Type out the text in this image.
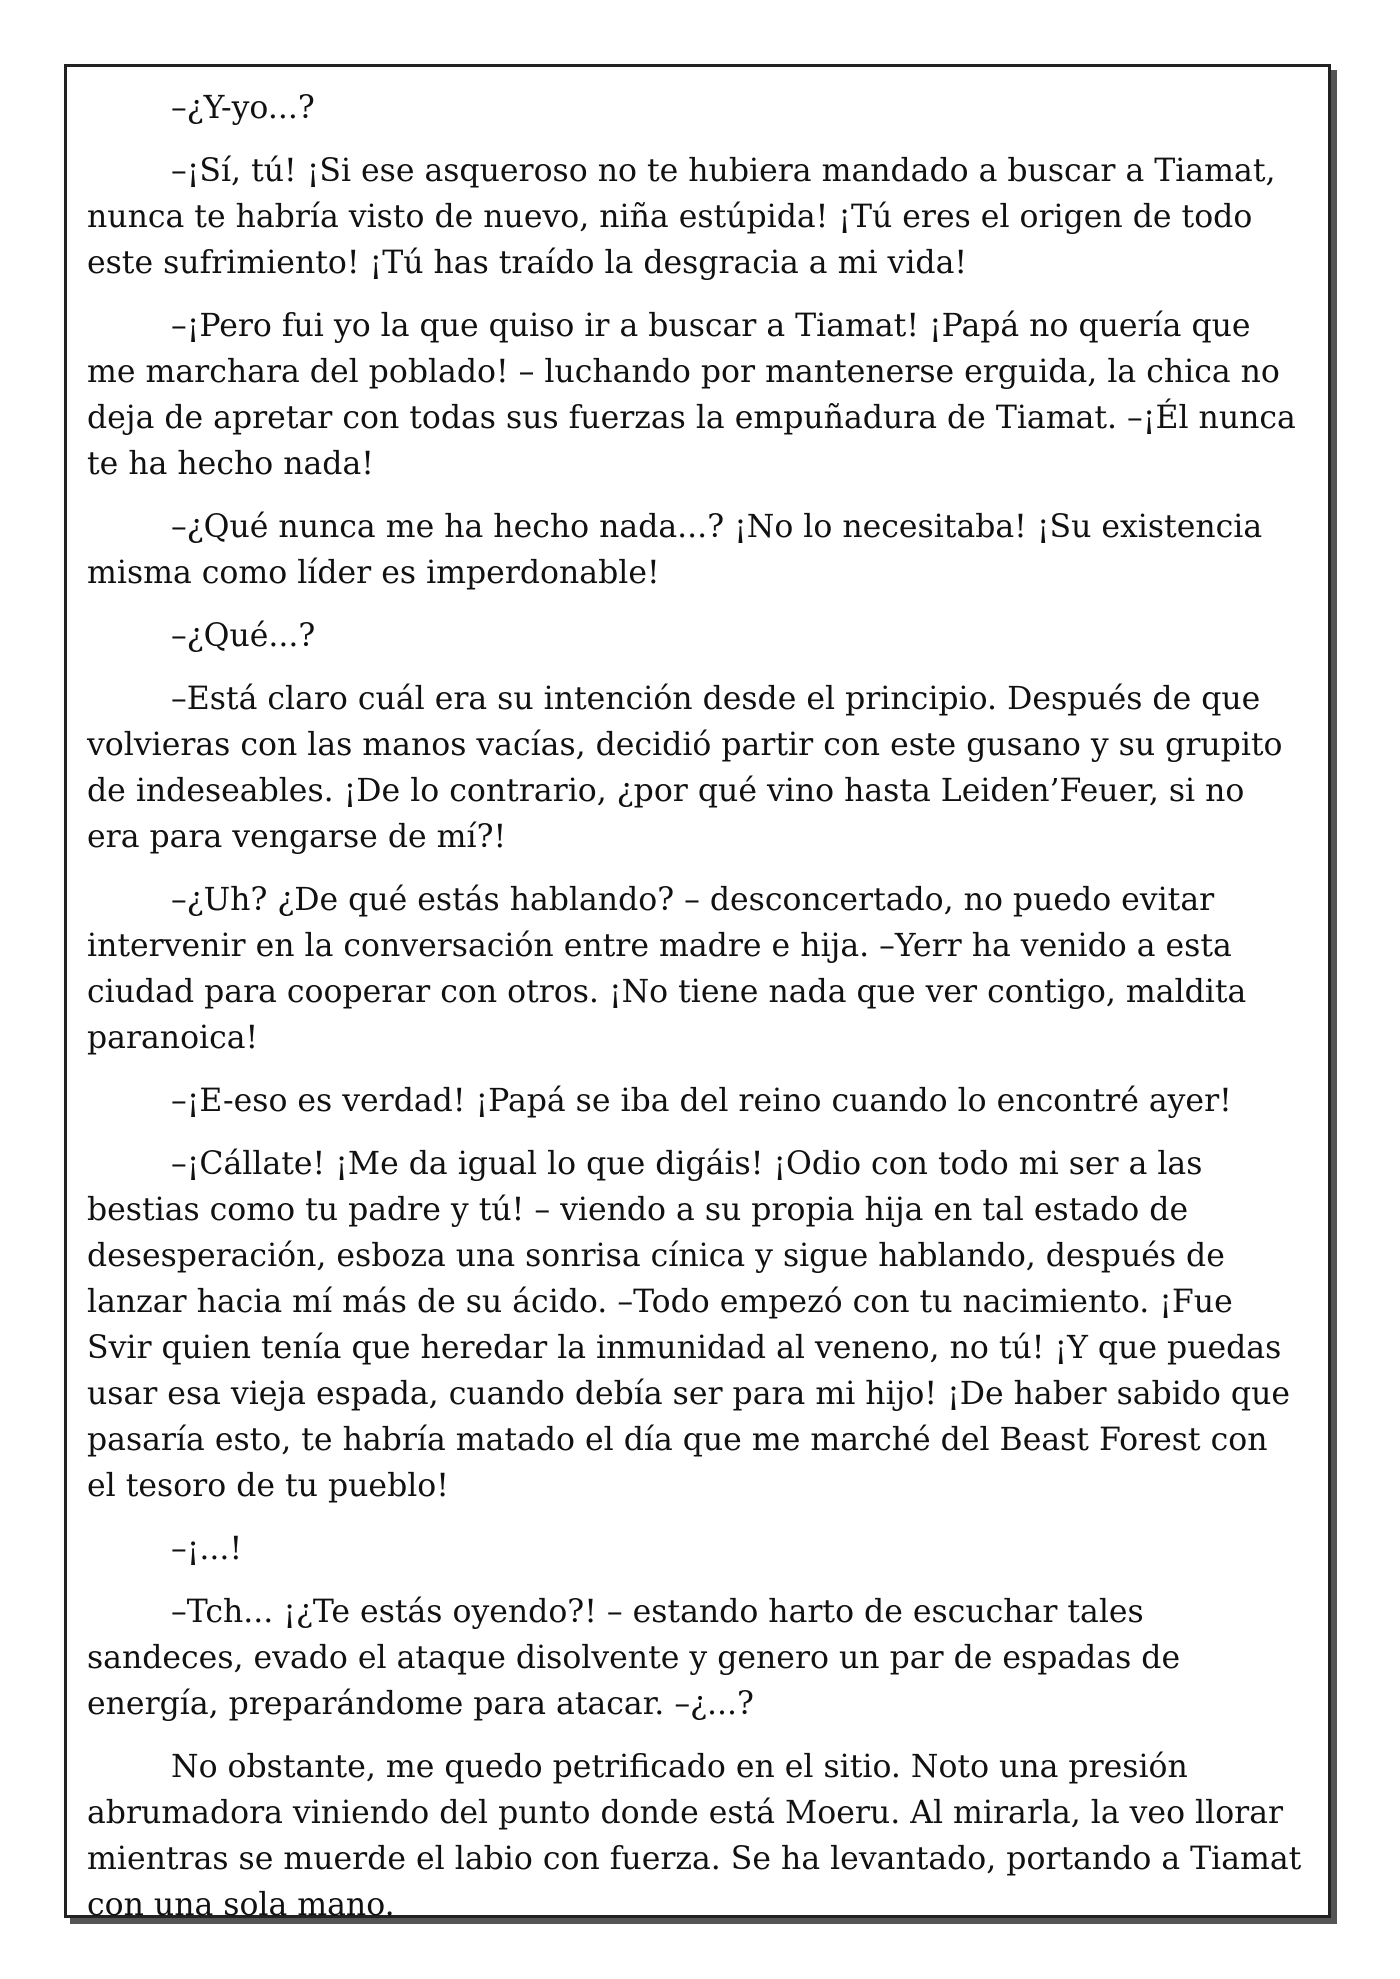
–¿Y-yo...?

–¡Sí, tú! ¡Si ese asqueroso no te hubiera mandado a buscar a Tiamat, nunca te habría visto de nuevo, niña estúpida! ¡Tú eres el origen de todo este sufrimiento! ¡Tú has traído la desgracia a mi vida!

–¡Pero fui yo la que quiso ir a buscar a Tiamat! ¡Papá no quería que me marchara del poblado! – luchando por mantenerse erguida, la chica no deja de apretar con todas sus fuerzas la empuñadura de Tiamat. –¡Él nunca te ha hecho nada!

–¿Qué nunca me ha hecho nada...? ¡No lo necesitaba! ¡Su existencia misma como líder es imperdonable!

–¿Qué...?

–Está claro cuál era su intención desde el principio. Después de que volvieras con las manos vacías, decidió partir con este gusano y su grupito de indeseables. ¡De lo contrario, ¿por qué vino hasta Leiden’Feuer, si no era para vengarse de mí?!

–¿Uh? ¿De qué estás hablando? – desconcertado, no puedo evitar intervenir en la conversación entre madre e hija. –Yerr ha venido a esta ciudad para cooperar con otros. ¡No tiene nada que ver contigo, maldita paranoica!

–¡E-eso es verdad! ¡Papá se iba del reino cuando lo encontré ayer!

–¡Cállate! ¡Me da igual lo que digáis! ¡Odio con todo mi ser a las bestias como tu padre y tú! – viendo a su propia hija en tal estado de desesperación, esboza una sonrisa cínica y sigue hablando, después de lanzar hacia mí más de su ácido. –Todo empezó con tu nacimiento. ¡Fue Svir quien tenía que heredar la inmunidad al veneno, no tú! ¡Y que puedas usar esa vieja espada, cuando debía ser para mi hijo! ¡De haber sabido que pasaría esto, te habría matado el día que me marché del Beast Forest con el tesoro de tu pueblo!

–¡...!

–Tch... ¡¿Te estás oyendo?! – estando harto de escuchar tales sandeces, evado el ataque disolvente y genero un par de espadas de energía, preparándome para atacar. –¿...?

No obstante, me quedo petrificado en el sitio. Noto una presión abrumadora viniendo del punto donde está Moeru. Al mirarla, la veo llorar mientras se muerde el labio con fuerza. Se ha levantado, portando a Tiamat con una sola mano.
